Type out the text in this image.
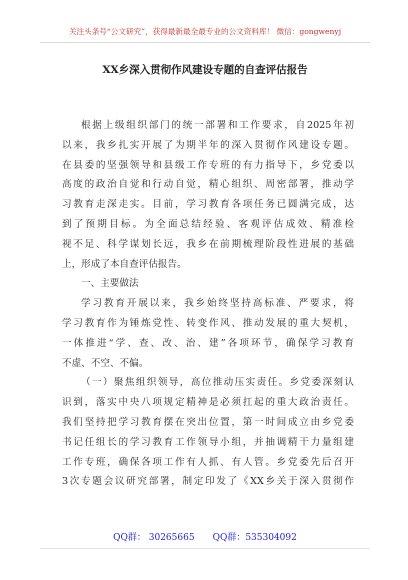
关注头条号“公文研究”，获得最新最全最专业的公文资料库！ 微信：gongwenyj
XX乡深入贯彻作风建设专题的自查评估报告
根据上级组织部门的统一部署和工作要求，自2025年初
以来，我乡扎实开展了为期半年的深入贯彻作风建设专题。
在县委的坚强领导和县级工作专班的有力指导下，乡党委以
高度的政治自觉和行动自觉，精心组织、周密部署，推动学
习教育走深走实。目前，学习教育各项任务已圆满完成，达
到了预期目标。为全面总结经验、客观评估成效、精准检
视不足、科学谋划长远，我乡在前期梳理阶段性进展的基础
上，形成了本自查评估报告。
一、主要做法
学习教育开展以来，我乡始终坚持高标准、严要求，将
学习教育作为锤炼党性、转变作风、推动发展的重大契机，
一体推进“学、查、改、治、建”各项环节，确保学习教育
不虚、不空、不偏。
（一）聚焦组织领导，高位推动压实责任。乡党委深刻认
识到，落实中央八项规定精神是必须扛起的重大政治责任。
我们坚持把学习教育摆在突出位置，第一时间成立由乡党委
书记任组长的学习教育工作领导小组，并抽调精干力量组建
工作专班，确保各项工作有人抓、有人管。乡党委先后召开
3次专题会议研究部署，制定印发了《XX乡关于深入贯彻作
QQ群： 30265665 QQ群：535304092
